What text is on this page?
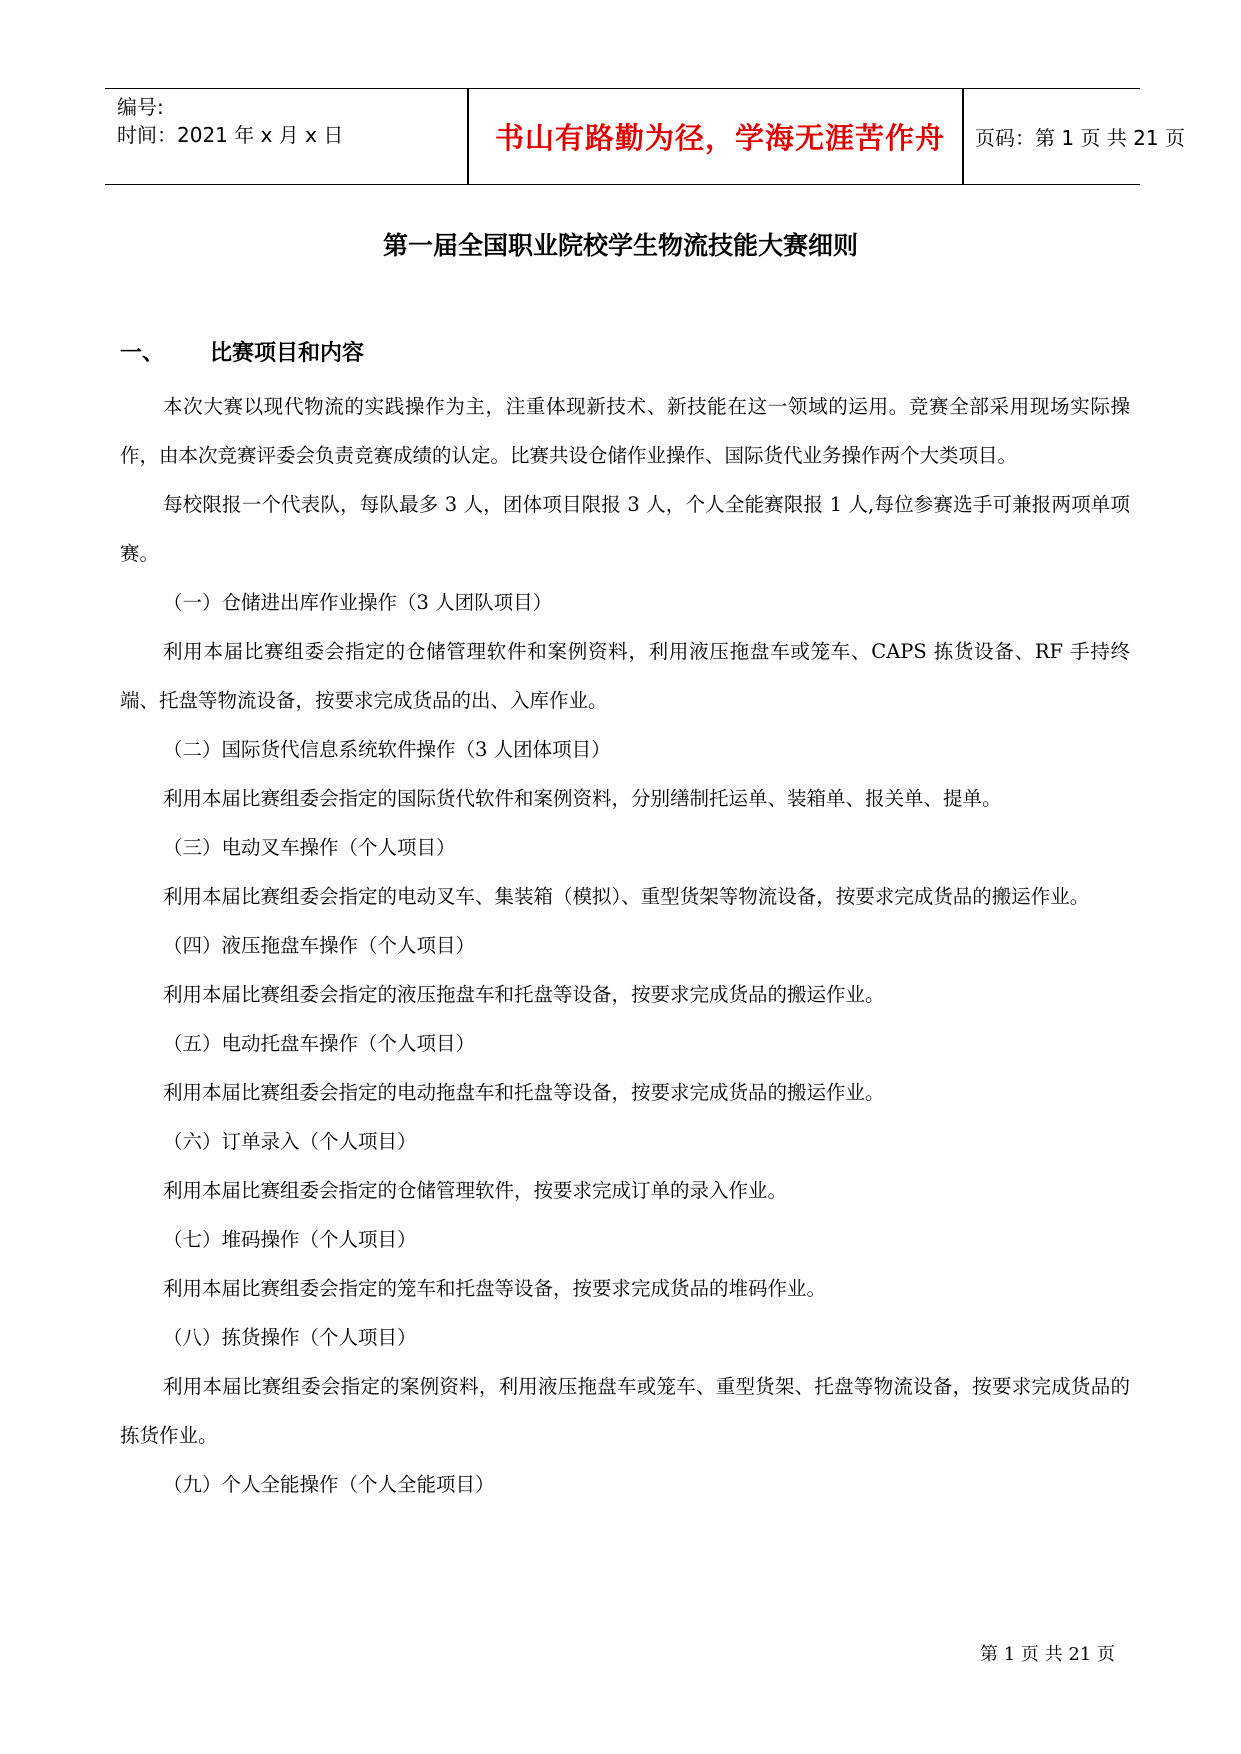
编号:
时间：2021 年 x 月 x 日	书山有路勤为径，学海无涯苦作舟	页码：第 1 页 共 21 页
第一届全国职业院校学生物流技能大赛细则
一、 比赛项目和内容

本次大赛以现代物流的实践操作为主，注重体现新技术、新技能在这一领域的运用。竞赛全部采用现场实际操作，由本次竞赛评委会负责竞赛成绩的认定。比赛共设仓储作业操作、国际货代业务操作两个大类项目。

每校限报一个代表队，每队最多 3 人，团体项目限报 3 人，个人全能赛限报 1 人,每位参赛选手可兼报两项单项赛。

（一）仓储进出库作业操作（3 人团队项目）

利用本届比赛组委会指定的仓储管理软件和案例资料，利用液压拖盘车或笼车、CAPS 拣货设备、RF 手持终端、托盘等物流设备，按要求完成货品的出、入库作业。

（二）国际货代信息系统软件操作（3 人团体项目）

利用本届比赛组委会指定的国际货代软件和案例资料，分别缮制托运单、装箱单、报关单、提单。

（三）电动叉车操作（个人项目）

利用本届比赛组委会指定的电动叉车、集装箱（模拟）、重型货架等物流设备，按要求完成货品的搬运作业。

（四）液压拖盘车操作（个人项目）

利用本届比赛组委会指定的液压拖盘车和托盘等设备，按要求完成货品的搬运作业。

（五）电动托盘车操作（个人项目）

利用本届比赛组委会指定的电动拖盘车和托盘等设备，按要求完成货品的搬运作业。

（六）订单录入（个人项目）

利用本届比赛组委会指定的仓储管理软件，按要求完成订单的录入作业。

（七）堆码操作（个人项目）

利用本届比赛组委会指定的笼车和托盘等设备，按要求完成货品的堆码作业。

（八）拣货操作（个人项目）

利用本届比赛组委会指定的案例资料，利用液压拖盘车或笼车、重型货架、托盘等物流设备，按要求完成货品的拣货作业。

（九）个人全能操作（个人全能项目）

第 1 页 共 21 页
